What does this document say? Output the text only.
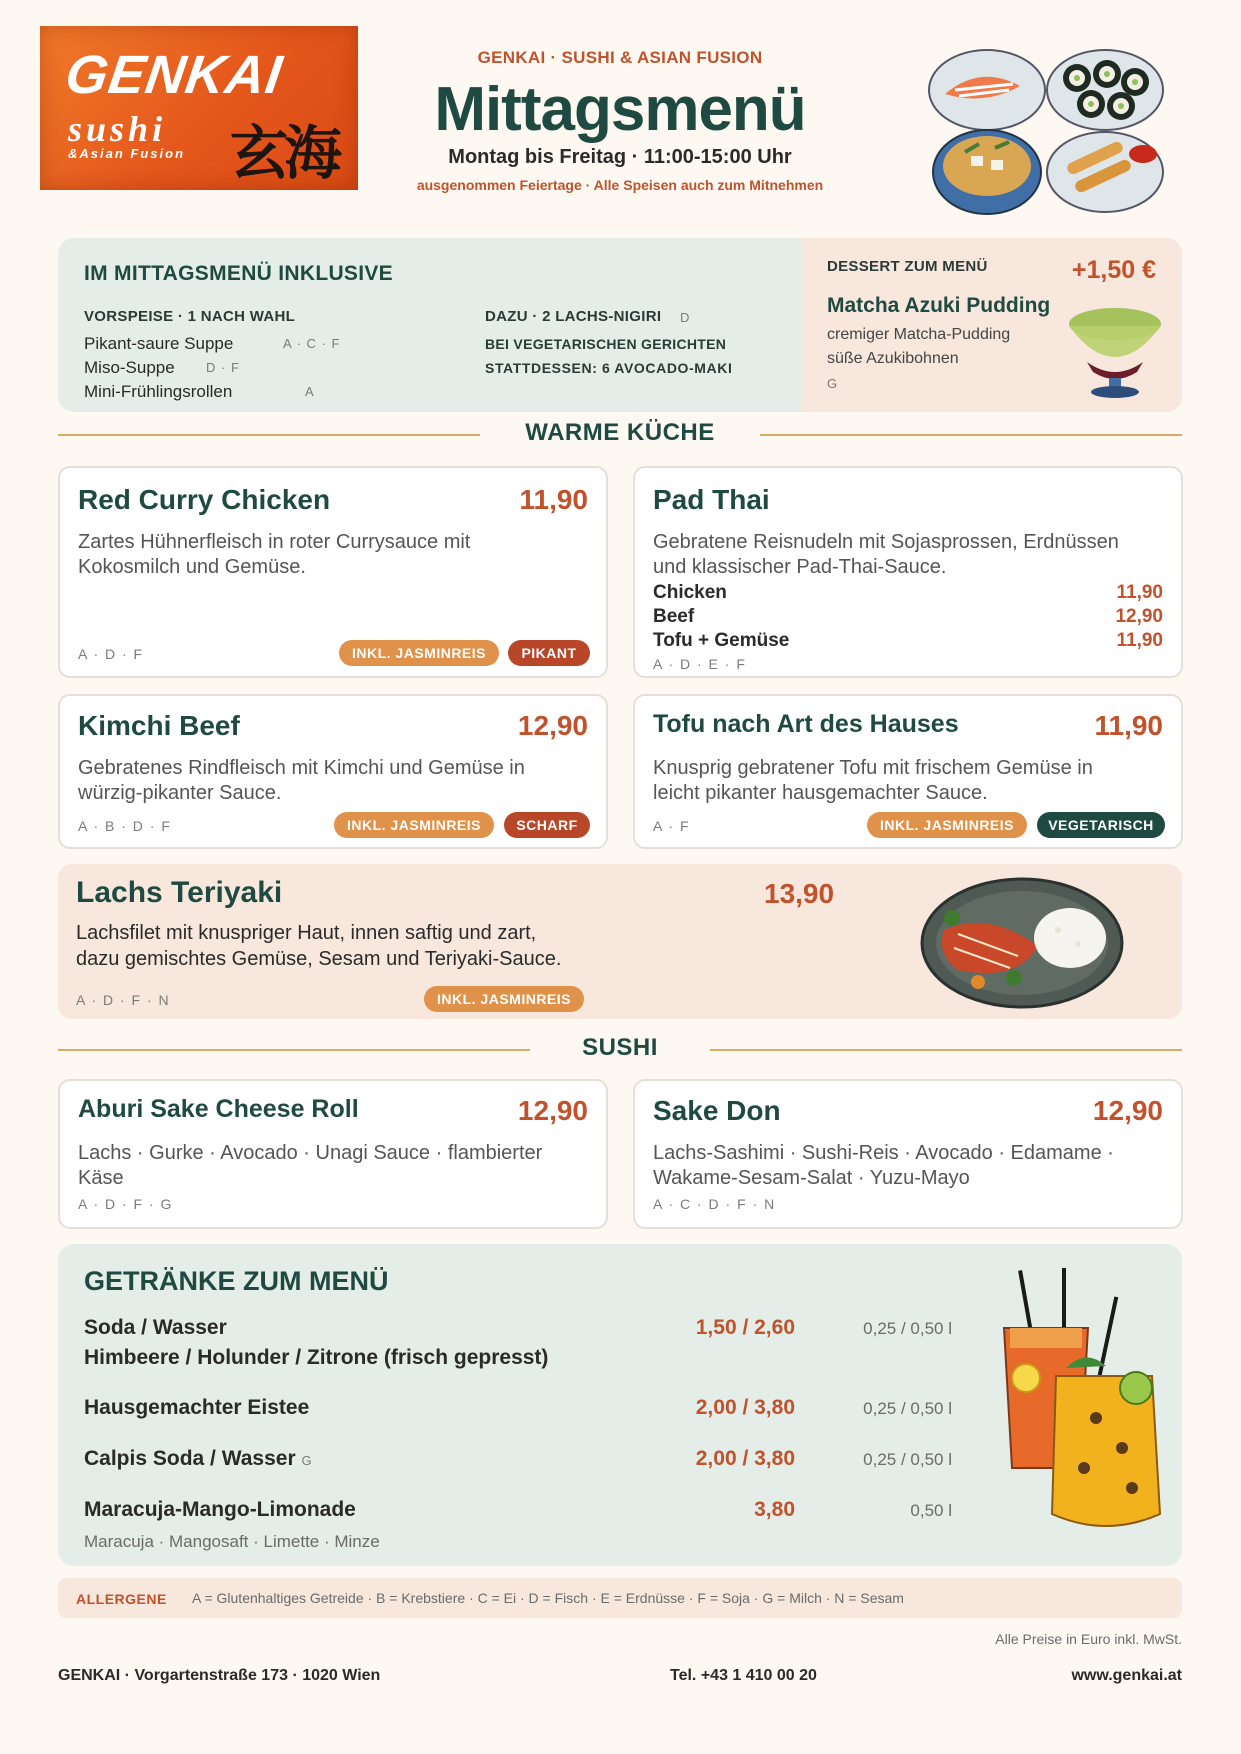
GENKAI
sushi
&Asian Fusion 玄海
GENKAI · SUSHI & ASIAN FUSION
Mittagsmenü
Montag bis Freitag · 11:00-15:00 Uhr
ausgenommen Feiertage · Alle Speisen auch zum Mitnehmen
IM MITTAGSMENÜ INKLUSIVE
VORSPEISE · 1 NACH WAHL
Pikant-saure Suppe	A · C · F
Miso-Suppe D · F
Mini-Frühlingsrollen	A
DAZU · 2 LACHS-NIGIRI D
BEI VEGETARISCHEN GERICHTEN
STATTDESSEN: 6 AVOCADO-MAKI
DESSERT ZUM MENÜ	+1,50 €
Matcha Azuki Pudding
cremiger Matcha-Pudding
süße Azukibohnen
G
WARME KÜCHE
Red Curry Chicken	11,90
Zartes Hühnerfleisch in roter Currysauce mit Kokosmilch und Gemüse.
A · D · F	INKL. JASMINREIS	PIKANT
Pad Thai
Gebratene Reisnudeln mit Sojasprossen, Erdnüssen und klassischer Pad-Thai-Sauce.
Chicken	11,90
Beef	12,90
Tofu + Gemüse	11,90
A · D · E · F
Kimchi Beef	12,90
Gebratenes Rindfleisch mit Kimchi und Gemüse in würzig-pikanter Sauce.
A · B · D · F	INKL. JASMINREIS	SCHARF
Tofu nach Art des Hauses	11,90
Knusprig gebratener Tofu mit frischem Gemüse in leicht pikanter hausgemachter Sauce.
A · F	INKL. JASMINREIS	VEGETARISCH
Lachs Teriyaki	13,90
Lachsfilet mit knuspriger Haut, innen saftig und zart,
dazu gemischtes Gemüse, Sesam und Teriyaki-Sauce.
A · D · F · N	INKL. JASMINREIS
SUSHI
Aburi Sake Cheese Roll	12,90
Lachs · Gurke · Avocado · Unagi Sauce · flambierter Käse
A · D · F · G
Sake Don	12,90
Lachs-Sashimi · Sushi-Reis · Avocado · Edamame · Wakame-Sesam-Salat · Yuzu-Mayo
A · C · D · F · N
GETRÄNKE ZUM MENÜ
Soda / Wasser
Himbeere / Holunder / Zitrone (frisch gepresst)
1,50 / 2,60	0,25 / 0,50 l
Hausgemachter Eistee	2,00 / 3,80	0,25 / 0,50 l
Calpis Soda / Wasser G	2,00 / 3,80	0,25 / 0,50 l
Maracuja-Mango-Limonade	3,80	0,50 l
Maracuja · Mangosaft · Limette · Minze
ALLERGENE A = Glutenhaltiges Getreide · B = Krebstiere · C = Ei · D = Fisch · E = Erdnüsse · F = Soja · G = Milch · N = Sesam
Alle Preise in Euro inkl. MwSt.
GENKAI · Vorgartenstraße 173 · 1020 Wien	Tel. +43 1 410 00 20	www.genkai.at
